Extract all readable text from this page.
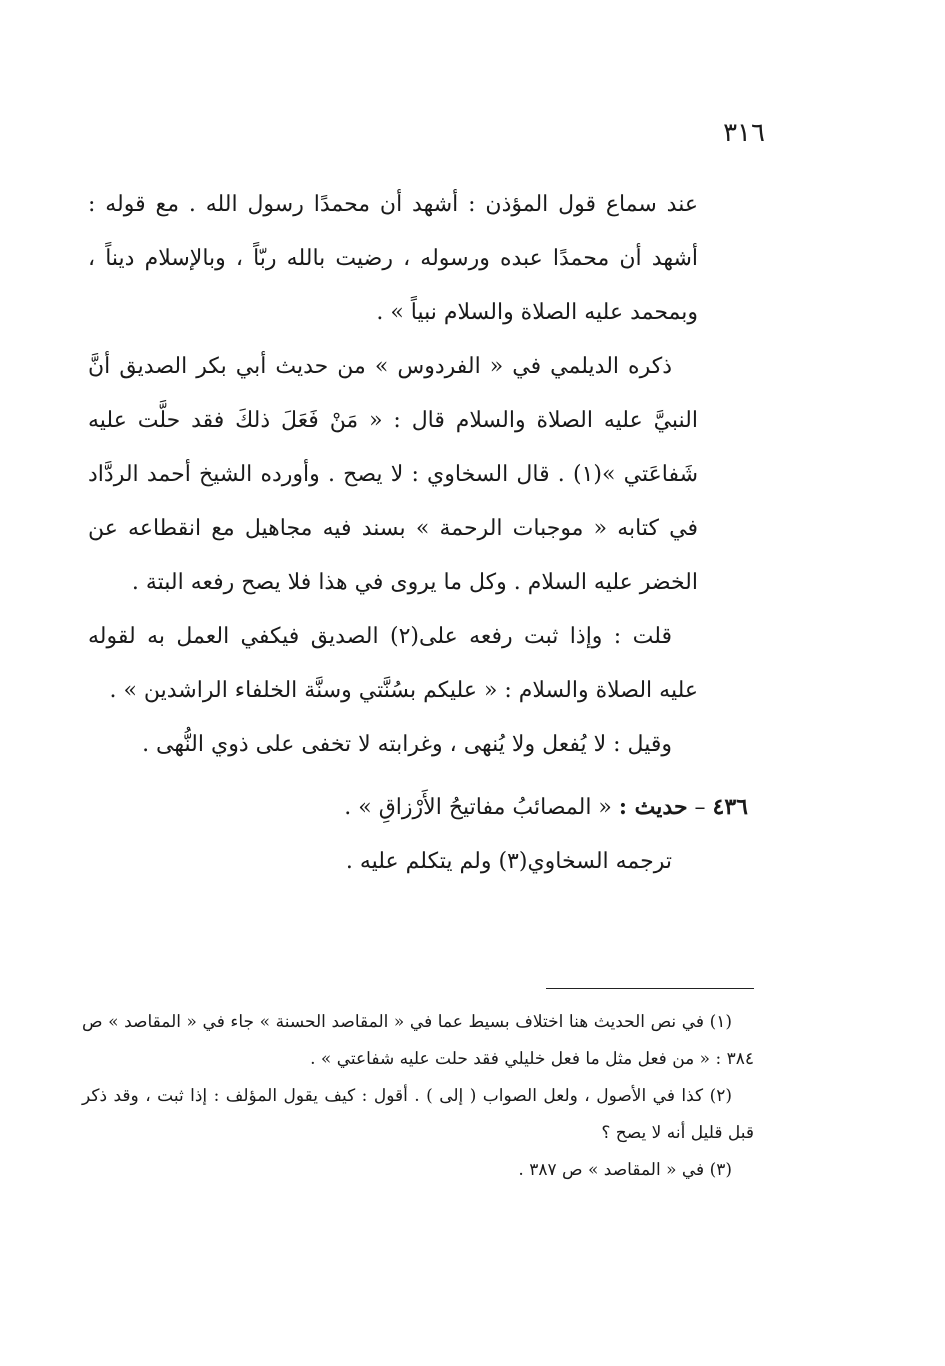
٣١٦

عند سماع قول المؤذن : أشهد أن محمدًا رسول الله . مع قوله : أشهد أن محمدًا عبده ورسوله ، رضيت بالله ربّاً ، وبالإسلام ديناً ، وبمحمد عليه الصلاة والسلام نبياً » .

ذكره الديلمي في « الفردوس » من حديث أبي بكر الصديق أنَّ النبيَّ عليه الصلاة والسلام قال : « مَنْ فَعَلَ ذلكَ فقد حلَّت عليه شَفاعَتي »(١) . قال السخاوي : لا يصح . وأورده الشيخ أحمد الردَّاد في كتابه « موجبات الرحمة » بسند فيه مجاهيل مع انقطاعه عن الخضر عليه السلام . وكل ما يروى في هذا فلا يصح رفعه البتة .

قلت : وإذا ثبت رفعه على(٢) الصديق فيكفي العمل به لقوله عليه الصلاة والسلام : « عليكم بسُنَّتي وسنَّة الخلفاء الراشدين » .

وقيل : لا يُفعل ولا يُنهى ، وغرابته لا تخفى على ذوي النُّهى .

٤٣٦ – حديث : « المصائبُ مفاتيحُ الأَرْزاقِ » .

ترجمه السخاوي(٣) ولم يتكلم عليه .

(١) في نص الحديث هنا اختلاف بسيط عما في « المقاصد الحسنة » جاء في « المقاصد » ص ٣٨٤ : « من فعل مثل ما فعل خليلي فقد حلت عليه شفاعتي » .

(٢) كذا في الأصول ، ولعل الصواب ( إلى ) . أقول : كيف يقول المؤلف : إذا ثبت ، وقد ذكر قبل قليل أنه لا يصح ؟

(٣) في « المقاصد » ص ٣٨٧ .
